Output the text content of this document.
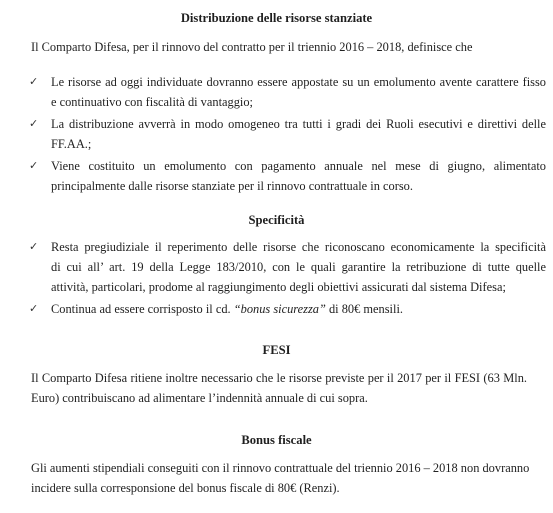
Distribuzione delle risorse stanziate
Il Comparto Difesa, per il rinnovo del contratto per il triennio 2016 – 2018, definisce che
✓ Le risorse ad oggi individuate dovranno essere appostate su un emolumento avente carattere fisso
e continuativo con fiscalità di vantaggio;
✓ La distribuzione avverrà in modo omogeneo tra tutti i gradi dei Ruoli esecutivi e direttivi delle
FF.AA.;
✓ Viene costituito un emolumento con pagamento annuale nel mese di giugno, alimentato
principalmente dalle risorse stanziate per il rinnovo contrattuale in corso.
Specificità
✓ Resta pregiudiziale il reperimento delle risorse che riconoscano economicamente la specificità
di cui all’ art. 19 della Legge 183/2010, con le quali garantire la retribuzione di tutte quelle
attività, particolari, prodome al raggiungimento degli obiettivi assicurati dal sistema Difesa;
✓ Continua ad essere corrisposto il cd. “bonus sicurezza” di 80€ mensili.
FESI
Il Comparto Difesa ritiene inoltre necessario che le risorse previste per il 2017 per il FESI (63 Mln.
Euro) contribuiscano ad alimentare l’indennità annuale di cui sopra.
Bonus fiscale
Gli aumenti stipendiali conseguiti con il rinnovo contrattuale del triennio 2016 – 2018 non dovranno
incidere sulla corresponsione del bonus fiscale di 80€ (Renzi).
